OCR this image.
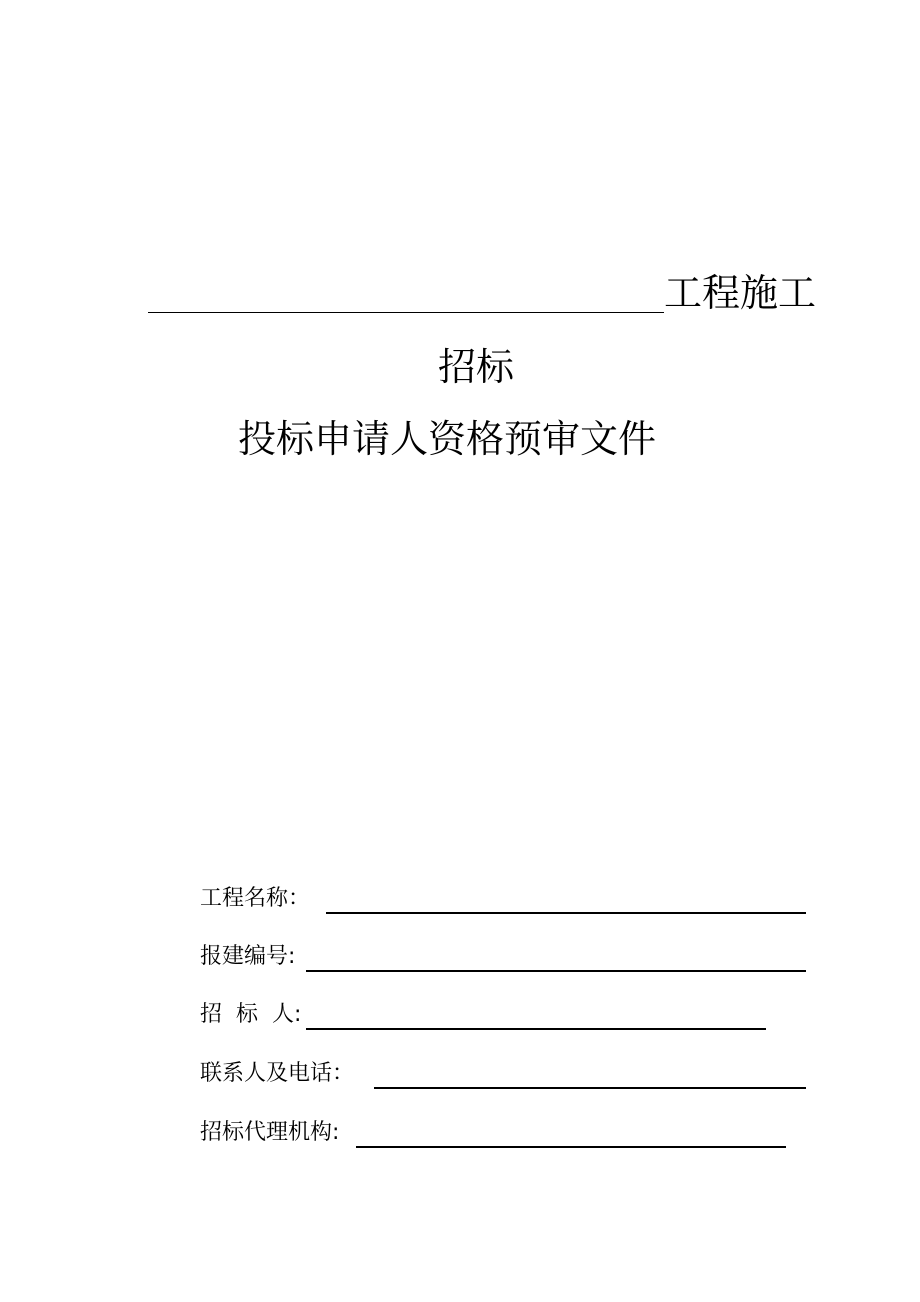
工程施工
招标
投标申请人资格预审文件
工程名称：
报建编号:
招  标  人:
联系人及电话：
招标代理机构:
